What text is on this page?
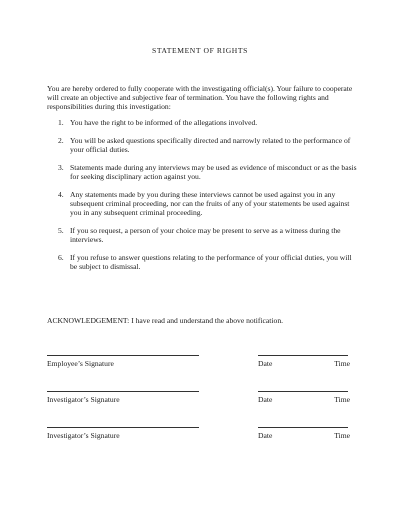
STATEMENT OF RIGHTS
You are hereby ordered to fully cooperate with the investigating official(s). Your failure to cooperate will create an objective and subjective fear of termination. You have the following rights and responsibilities during this investigation:
1. You have the right to be informed of the allegations involved.
2. You will be asked questions specifically directed and narrowly related to the performance of your official duties.
3. Statements made during any interviews may be used as evidence of misconduct or as the basis for seeking disciplinary action against you.
4. Any statements made by you during these interviews cannot be used against you in any subsequent criminal proceeding, nor can the fruits of any of your statements be used against you in any subsequent criminal proceeding.
5. If you so request, a person of your choice may be present to serve as a witness during the interviews.
6. If you refuse to answer questions relating to the performance of your official duties, you will be subject to dismissal.
ACKNOWLEDGEMENT: I have read and understand the above notification.
Employee’s Signature	Date	Time
Investigator’s Signature	Date	Time
Investigator’s Signature	Date	Time
